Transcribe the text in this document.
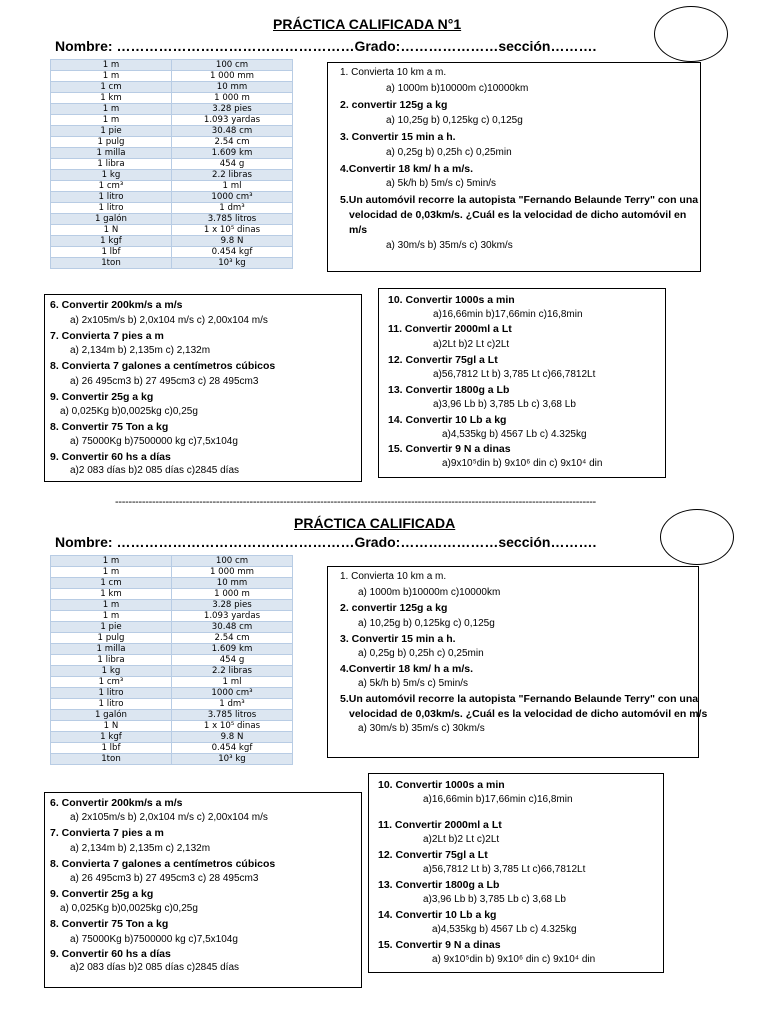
PRÁCTICA CALIFICADA N°1
Nombre: ……………………………………………Grado:…………………sección……….
1 m	100 cm
1 m	1 000 mm
1 cm	10 mm
1 km	1 000 m
1 m	3.28 pies
1 m	1.093 yardas
1 pie	30.48 cm
1 pulg	2.54 cm
1 milla	1.609 km
1 libra	454 g
1 kg	2.2 libras
1 cm³	1 ml
1 litro	1000 cm³
1 litro	1 dm³
1 galón	3.785 litros
1 N	1 x 10⁵ dinas
1 kgf	9.8 N
1 lbf	0.454 kgf
1ton	10³ kg
1. Convierta 10 km a m.
a) 1000m b)10000m c)10000km
2. convertir 125g a kg
a) 10,25g b) 0,125kg c) 0,125g
3. Convertir 15 min a h.
a) 0,25g b) 0,25h c) 0,25min
4.Convertir 18 km/ h a m/s.
a) 5k/h b) 5m/s c) 5min/s
5.Un automóvil recorre la autopista "Fernando Belaunde Terry" con una
velocidad de 0,03km/s. ¿Cuál es la velocidad de dicho automóvil en
m/s
a) 30m/s b) 35m/s c) 30km/s
6. Convertir 200km/s a m/s
a) 2x105m/s b) 2,0x104 m/s c) 2,00x104 m/s
7. Convierta 7 pies a m
a) 2,134m b) 2,135m c) 2,132m
8. Convierta 7 galones a centímetros cúbicos
a) 26 495cm3 b) 27 495cm3 c) 28 495cm3
9. Convertir 25g a kg
a) 0,025Kg b)0,0025kg c)0,25g
8. Convertir 75 Ton a kg
a) 75000Kg b)7500000 kg c)7,5x104g
9. Convertir 60 hs a días
a)2 083 días b)2 085 días c)2845 días
10. Convertir 1000s a min
a)16,66min b)17,66min c)16,8min
11. Convertir 2000ml a Lt
a)2Lt b)2 Lt c)2Lt
12. Convertir 75gl a Lt
a)56,7812 Lt b) 3,785 Lt c)66,7812Lt
13. Convertir 1800g a Lb
a)3,96 Lb b) 3,785 Lb c) 3,68 Lb
14. Convertir 10 Lb a kg
a)4,535kg b) 4567 Lb c) 4.325kg
15. Convertir 9 N a dinas
a)9x10⁵din b) 9x10⁶ din c) 9x10⁴ din
-----------------------------------------------------------------------------------------------------------------------------------------------
PRÁCTICA CALIFICADA
Nombre: ……………………………………………Grado:…………………sección……….
1 m	100 cm
1 m	1 000 mm
1 cm	10 mm
1 km	1 000 m
1 m	3.28 pies
1 m	1.093 yardas
1 pie	30.48 cm
1 pulg	2.54 cm
1 milla	1.609 km
1 libra	454 g
1 kg	2.2 libras
1 cm³	1 ml
1 litro	1000 cm³
1 litro	1 dm³
1 galón	3.785 litros
1 N	1 x 10⁵ dinas
1 kgf	9.8 N
1 lbf	0.454 kgf
1ton	10³ kg
1. Convierta 10 km a m.
a) 1000m b)10000m c)10000km
2. convertir 125g a kg
a) 10,25g b) 0,125kg c) 0,125g
3. Convertir 15 min a h.
a) 0,25g b) 0,25h c) 0,25min
4.Convertir 18 km/ h a m/s.
a) 5k/h b) 5m/s c) 5min/s
5.Un automóvil recorre la autopista "Fernando Belaunde Terry" con una
velocidad de 0,03km/s. ¿Cuál es la velocidad de dicho automóvil en m/s
a) 30m/s b) 35m/s c) 30km/s
6. Convertir 200km/s a m/s
a) 2x105m/s b) 2,0x104 m/s c) 2,00x104 m/s
7. Convierta 7 pies a m
a) 2,134m b) 2,135m c) 2,132m
8. Convierta 7 galones a centímetros cúbicos
a) 26 495cm3 b) 27 495cm3 c) 28 495cm3
9. Convertir 25g a kg
a) 0,025Kg b)0,0025kg c)0,25g
8. Convertir 75 Ton a kg
a) 75000Kg b)7500000 kg c)7,5x104g
9. Convertir 60 hs a días
a)2 083 días b)2 085 días c)2845 días
10. Convertir 1000s a min
a)16,66min b)17,66min c)16,8min
11. Convertir 2000ml a Lt
a)2Lt b)2 Lt c)2Lt
12. Convertir 75gl a Lt
a)56,7812 Lt b) 3,785 Lt c)66,7812Lt
13. Convertir 1800g a Lb
a)3,96 Lb b) 3,785 Lb c) 3,68 Lb
14. Convertir 10 Lb a kg
a)4,535kg b) 4567 Lb c) 4.325kg
15. Convertir 9 N a dinas
a) 9x10⁵din b) 9x10⁶ din c) 9x10⁴ din
